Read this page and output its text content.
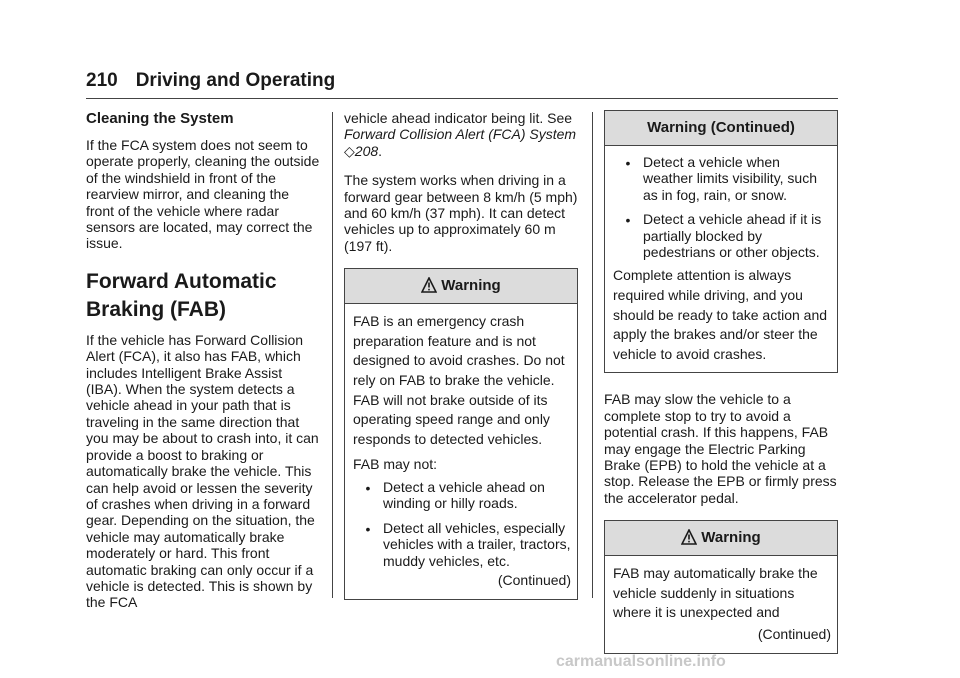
210 Driving and Operating
Cleaning the System

If the FCA system does not seem to operate properly, cleaning the outside of the windshield in front of the rearview mirror, and cleaning the front of the vehicle where radar sensors are located, may correct the issue.

Forward Automatic Braking (FAB)

If the vehicle has Forward Collision Alert (FCA), it also has FAB, which includes Intelligent Brake Assist (IBA). When the system detects a vehicle ahead in your path that is traveling in the same direction that you may be about to crash into, it can provide a boost to braking or automatically brake the vehicle. This can help avoid or lessen the severity of crashes when driving in a forward gear. Depending on the situation, the vehicle may automatically brake moderately or hard. This front automatic braking can only occur if a vehicle is detected. This is shown by the FCA

vehicle ahead indicator being lit. See Forward Collision Alert (FCA) System ◇208.

The system works when driving in a forward gear between 8 km/h (5 mph) and 60 km/h (37 mph). It can detect vehicles up to approximately 60 m (197 ft).

Warning

FAB is an emergency crash preparation feature and is not designed to avoid crashes. Do not rely on FAB to brake the vehicle. FAB will not brake outside of its operating speed range and only responds to detected vehicles.

FAB may not:

• Detect a vehicle ahead on winding or hilly roads.
• Detect all vehicles, especially vehicles with a trailer, tractors, muddy vehicles, etc.
(Continued)
Warning (Continued)
• Detect a vehicle when weather limits visibility, such as in fog, rain, or snow.
• Detect a vehicle ahead if it is partially blocked by pedestrians or other objects.

Complete attention is always required while driving, and you should be ready to take action and apply the brakes and/or steer the vehicle to avoid crashes.

FAB may slow the vehicle to a complete stop to try to avoid a potential crash. If this happens, FAB may engage the Electric Parking Brake (EPB) to hold the vehicle at a stop. Release the EPB or firmly press the accelerator pedal.

Warning

FAB may automatically brake the vehicle suddenly in situations where it is unexpected and

(Continued)
carmanualsonline.info
